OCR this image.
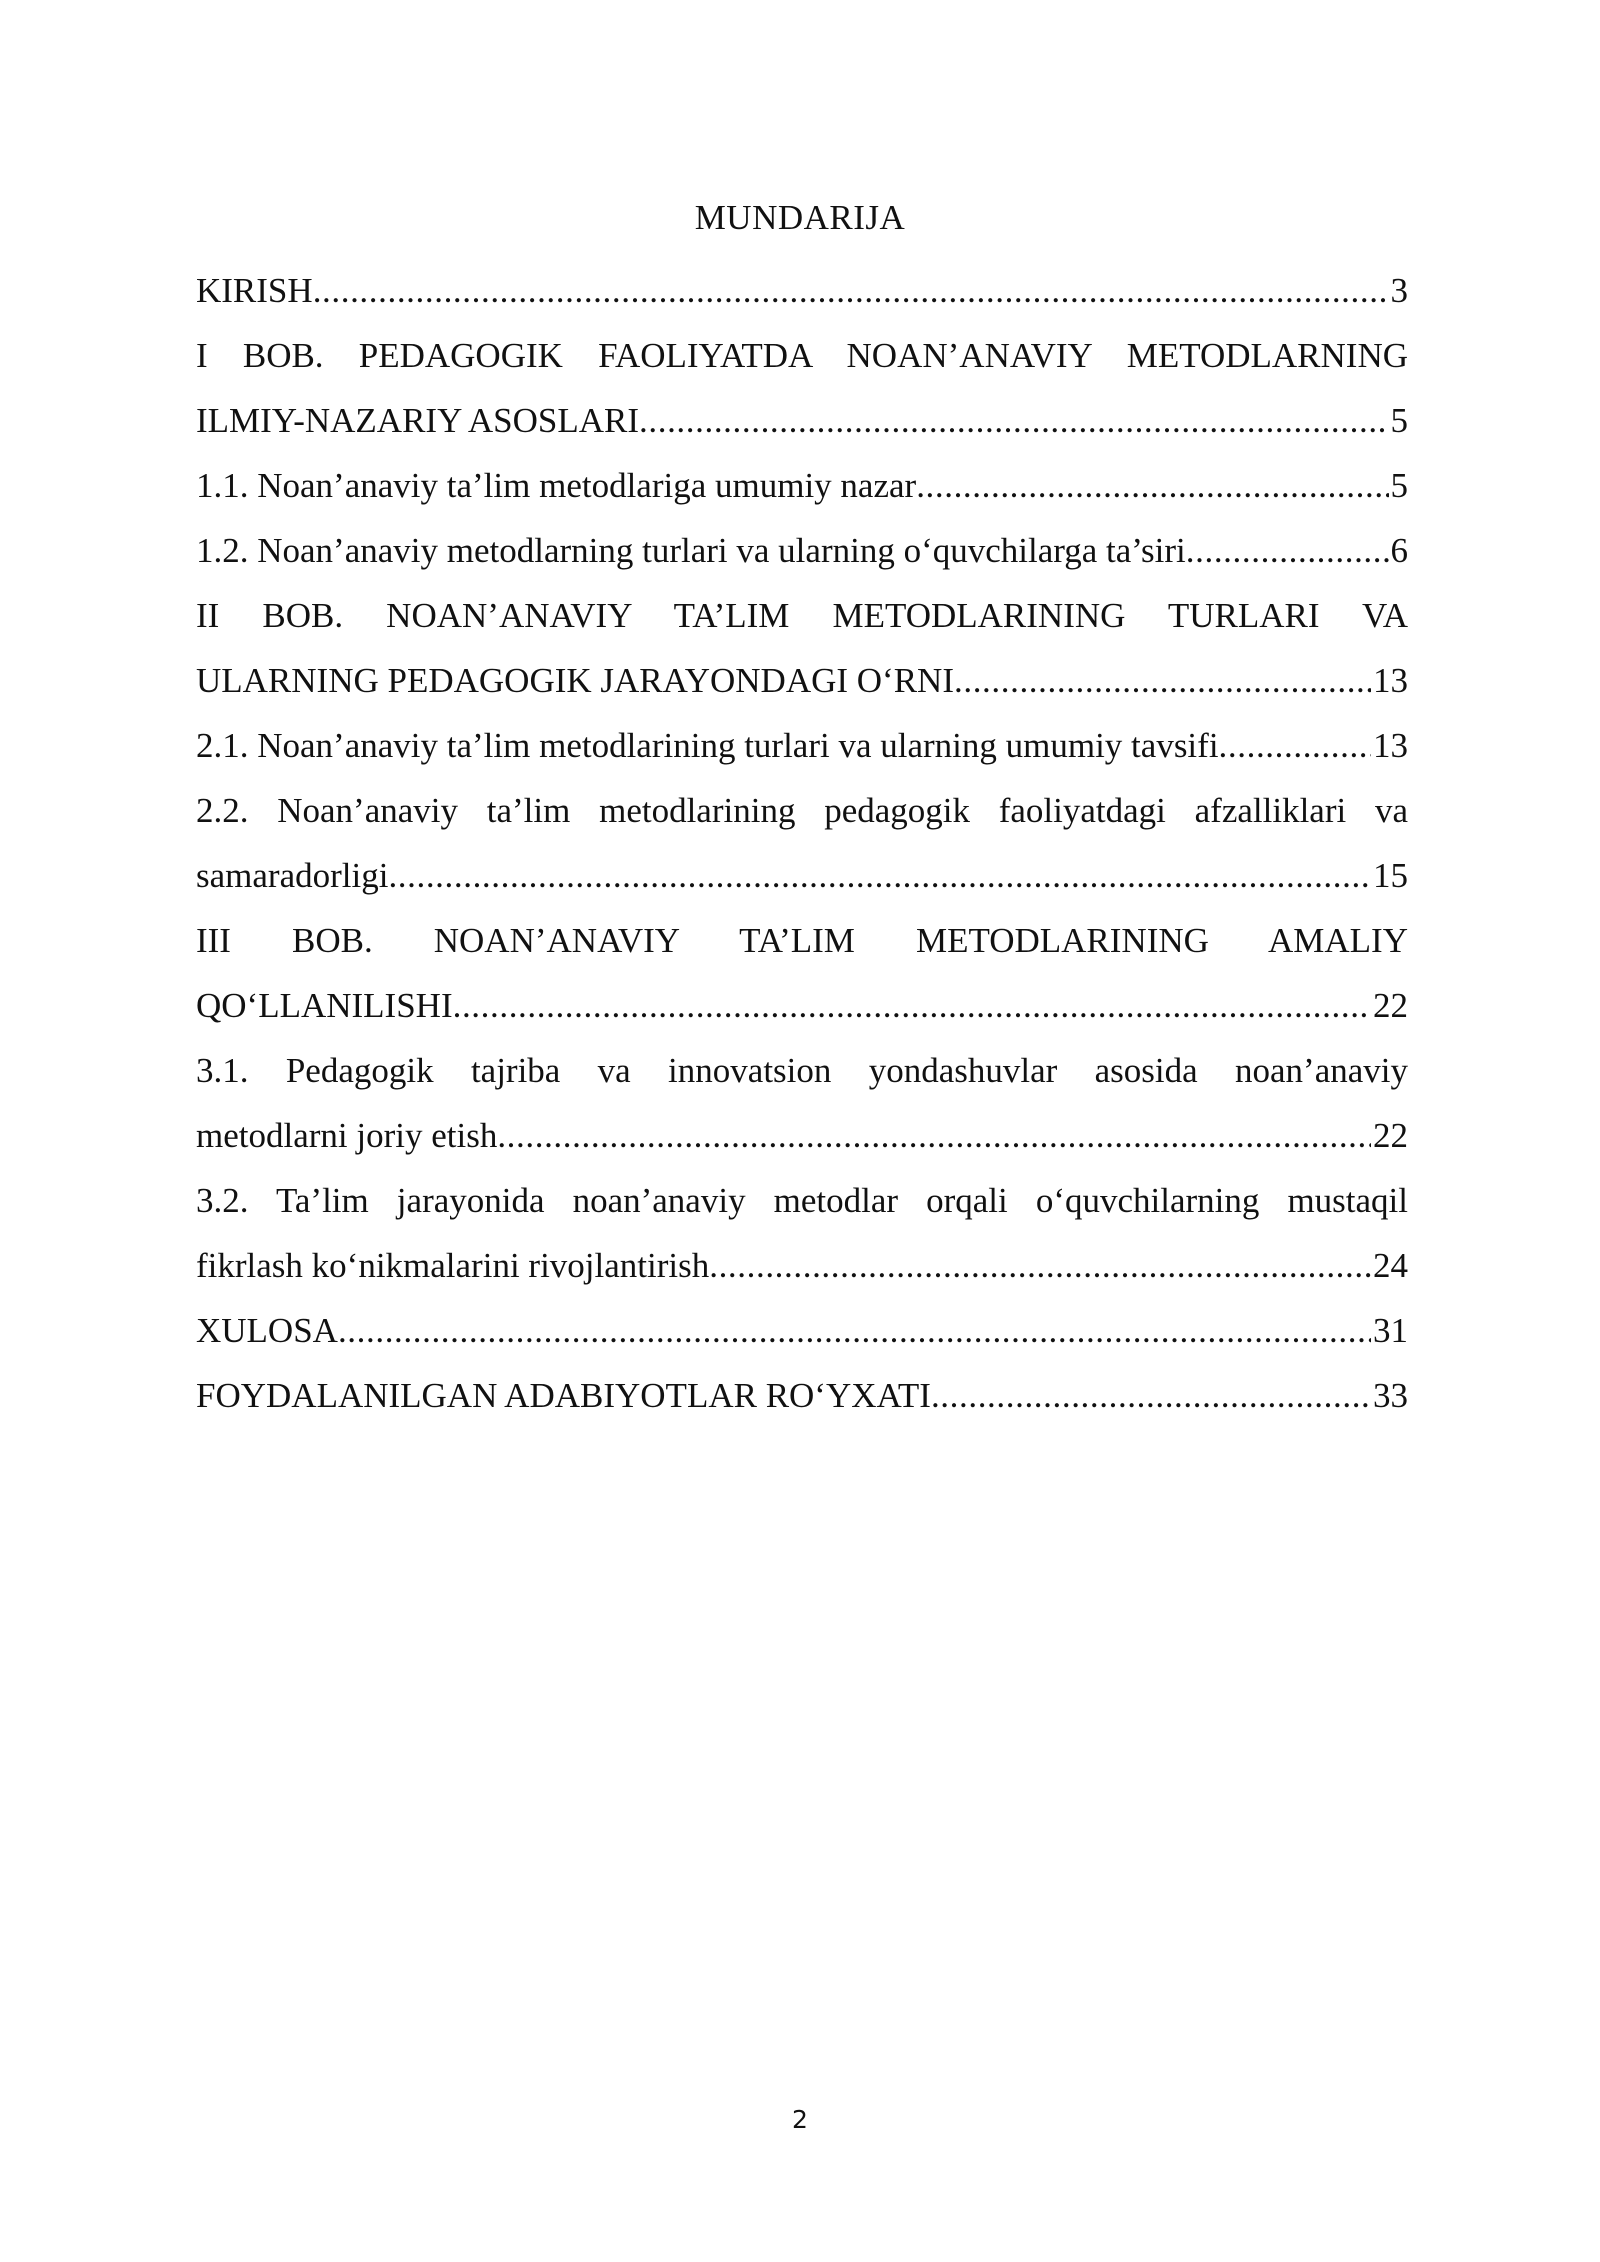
MUNDARIJA
KIRISH .....	3
I BOB. PEDAGOGIK FAOLIYATDA NOAN’ANAVIY METODLARNING
ILMIY-NAZARIY ASOSLARI .....	5
1.1. Noan’anaviy ta’lim metodlariga umumiy nazar .....	5
1.2. Noan’anaviy metodlarning turlari va ularning o‘quvchilarga ta’siri .....	6
II BOB. NOAN’ANAVIY TA’LIM METODLARINING TURLARI VA
ULARNING PEDAGOGIK JARAYONDAGI O‘RNI .....	13
2.1. Noan’anaviy ta’lim metodlarining turlari va ularning umumiy tavsifi .....	13
2.2. Noan’anaviy ta’lim metodlarining pedagogik faoliyatdagi afzalliklari va
samaradorligi .....	15
III BOB. NOAN’ANAVIY TA’LIM METODLARINING AMALIY
QO‘LLANILISHI .....	22
3.1. Pedagogik tajriba va innovatsion yondashuvlar asosida noan’anaviy
metodlarni joriy etish .....	22
3.2. Ta’lim jarayonida noan’anaviy metodlar orqali o‘quvchilarning mustaqil
fikrlash ko‘nikmalarini rivojlantirish .....	24
XULOSA .....	31
FOYDALANILGAN ADABIYOTLAR RO‘YXATI .....	33
2
